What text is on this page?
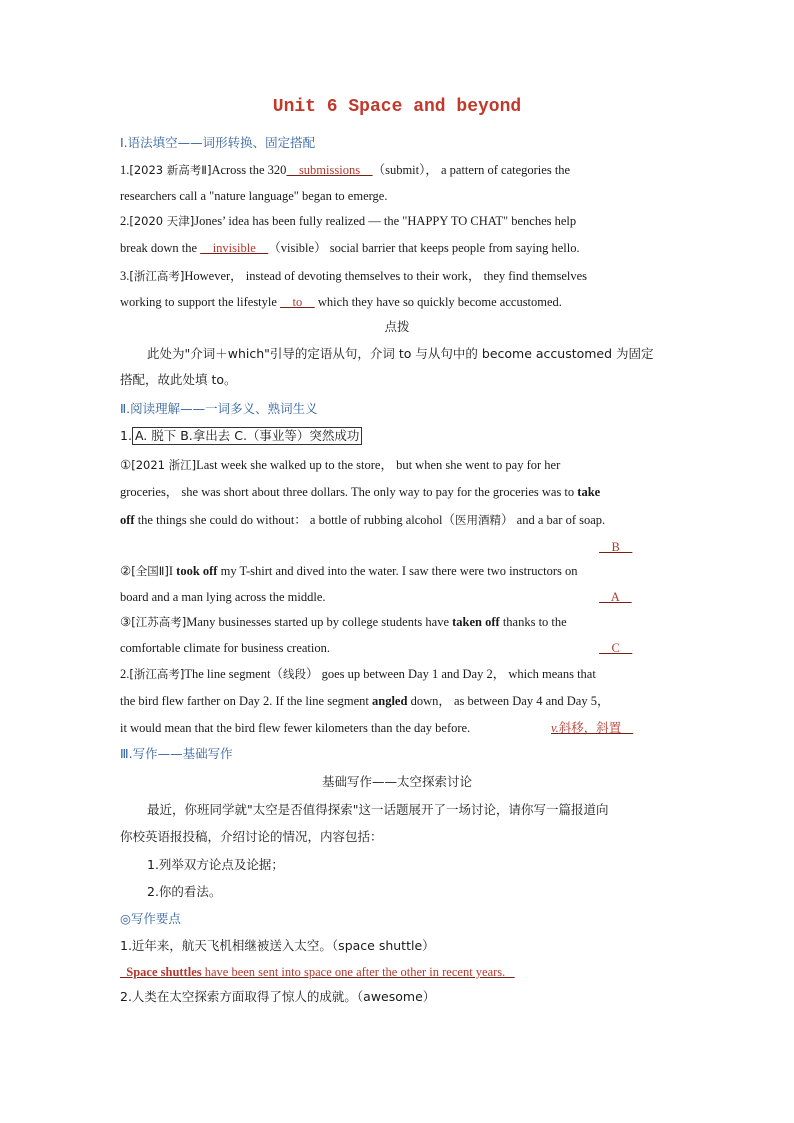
Unit 6 Space and beyond
Ⅰ.语法填空——词形转换、固定搭配
1.[2023 新高考Ⅱ]Across the 320    submissions    （submit）， a pattern of categories the
researchers call a "nature language" began to emerge.
2.[2020 天津]Jones’ idea has been fully realized — the "HAPPY TO CHAT" benches help
break down the     invisible    （visible） social barrier that keeps people from saying hello.
3.[浙江高考]However， instead of devoting themselves to their work， they find themselves
working to support the lifestyle     to     which they have so quickly become accustomed.
点拨
此处为"介词＋which"引导的定语从句，介词 to 与从句中的 become accustomed 为固定
搭配，故此处填 to。
Ⅱ.阅读理解——一词多义、熟词生义
1. A. 脱下 B.拿出去 C.（事业等）突然成功
①[2021 浙江]Last week she walked up to the store， but when she went to pay for her
groceries， she was short about three dollars. The only way to pay for the groceries was to take
off the things she could do without： a bottle of rubbing alcohol（医用酒精） and a bar of soap.
B
②[全国Ⅱ]I took off my T-shirt and dived into the water. I saw there were two instructors on
board and a man lying across the middle.	A
③[江苏高考]Many businesses started up by college students have taken off thanks to the
comfortable climate for business creation.	C
2.[浙江高考]The line segment（线段） goes up between Day 1 and Day 2， which means that
the bird flew farther on Day 2. If the line segment angled down， as between Day 4 and Day 5，
it would mean that the bird flew fewer kilometers than the day before.	v.斜移，斜置
Ⅲ.写作——基础写作
基础写作——太空探索讨论
最近，你班同学就"太空是否值得探索"这一话题展开了一场讨论，请你写一篇报道向
你校英语报投稿，介绍讨论的情况，内容包括：
1.列举双方论点及论据；
2.你的看法。
◎写作要点
1.近年来，航天飞机相继被送入太空。（space shuttle）
Space shuttles have been sent into space one after the other in recent years.
2.人类在太空探索方面取得了惊人的成就。（awesome）
